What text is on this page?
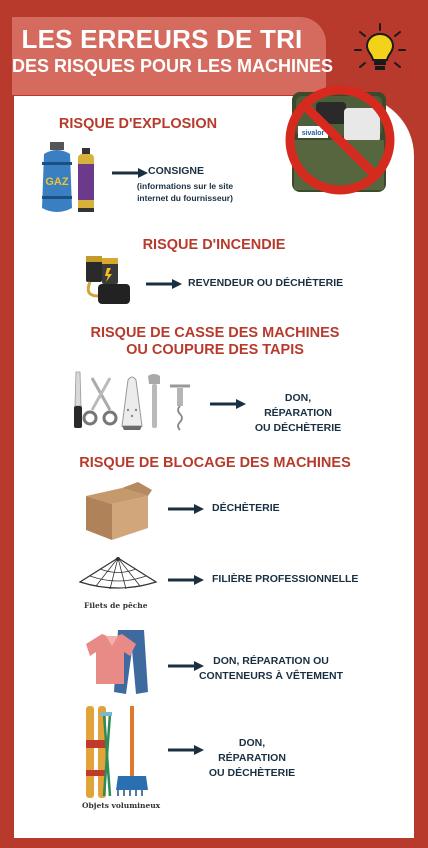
LES ERREURS DE TRI
DES RISQUES POUR LES MACHINES
sivalor
RISQUE D'EXPLOSION
GAZ
CONSIGNE
(informations sur le site
internet du fournisseur)
RISQUE D'INCENDIE
REVENDEUR OU DÉCHÈTERIE
RISQUE DE CASSE DES MACHINES
OU COUPURE DES TAPIS
DON, RÉPARATION
OU DÉCHÈTERIE
RISQUE DE BLOCAGE DES MACHINES
DÉCHÈTERIE
Filets de pêche
FILIÈRE PROFESSIONNELLE
DON, RÉPARATION OU
CONTENEURS À VÊTEMENT
Objets volumineux
DON, RÉPARATION
OU DÉCHÈTERIE
